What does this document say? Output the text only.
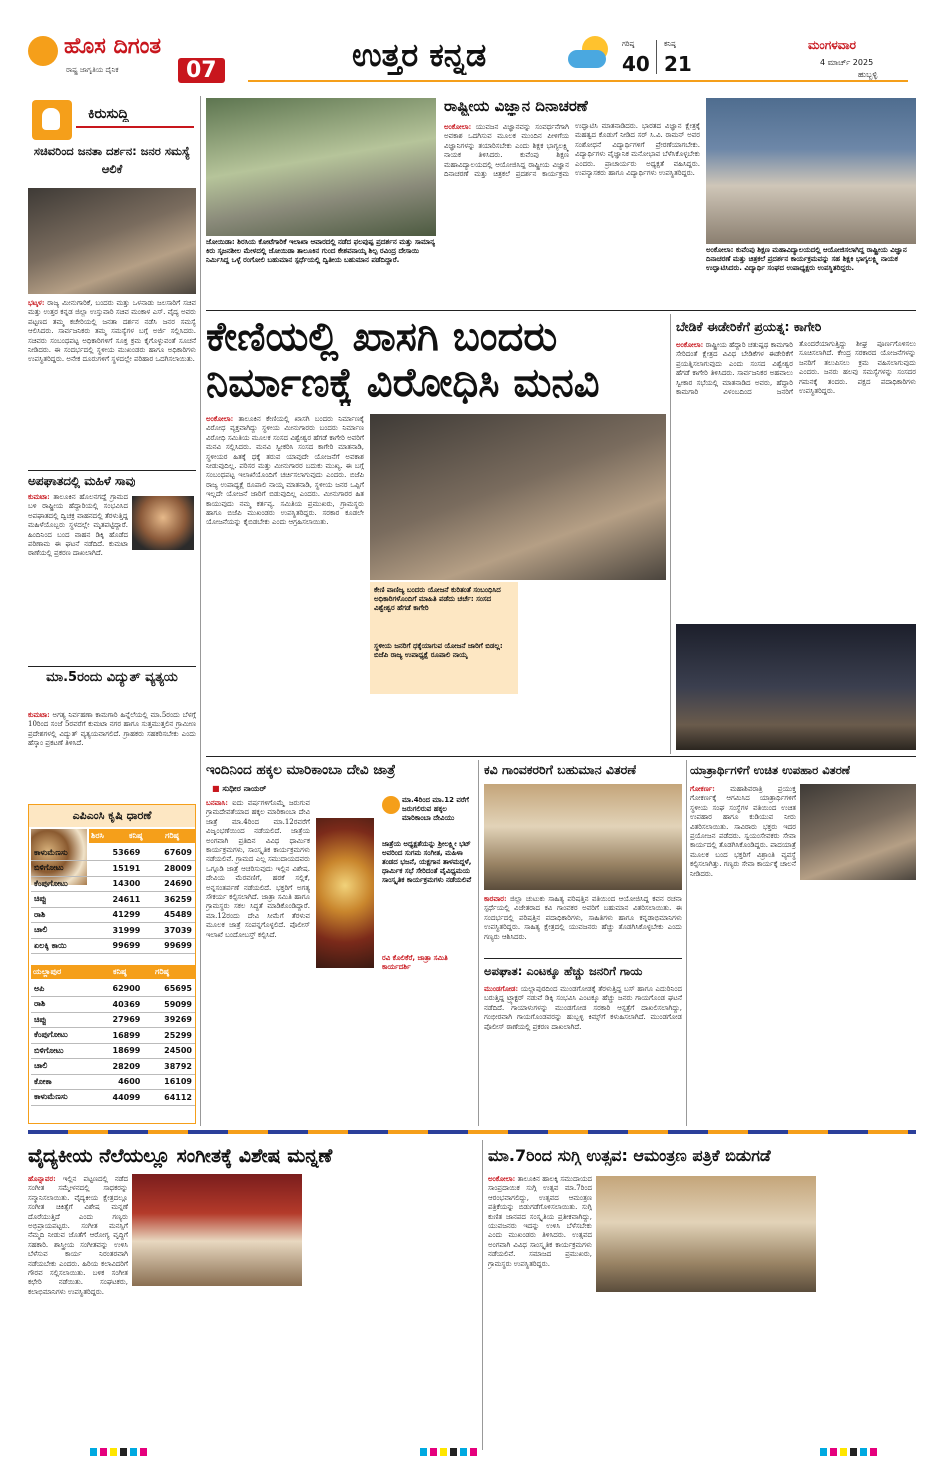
ಹೊಸ ದಿಗಂತ
ರಾಷ್ಟ್ರ ಜಾಗೃತಿಯ ದೈನಿಕ	07	ಉತ್ತರ ಕನ್ನಡ	ಗರಿಷ್ಠ
40
ಕನಿಷ್ಠ
21
ಮಂಗಳವಾರ
4 ಮಾರ್ಚ್ 2025
ಹುಬ್ಬಳ್ಳಿ
ಕಿರುಸುದ್ದಿ
ಸಚಿವರಿಂದ ಜನತಾ ದರ್ಶನ: ಜನರ ಸಮಸ್ಯೆ ಆಲಿಕೆ
ಭಟ್ಕಳ: ರಾಜ್ಯ ಮೀನುಗಾರಿಕೆ, ಬಂದರು ಮತ್ತು ಒಳನಾಡು ಜಲಸಾರಿಗೆ ಸಚಿವ ಮತ್ತು ಉತ್ತರ ಕನ್ನಡ ಜಿಲ್ಲಾ ಉಸ್ತುವಾರಿ ಸಚಿವ ಮಂಕಾಳ ಎಸ್. ವೈದ್ಯ ಅವರು ಪಟ್ಟಣದ ತಮ್ಮ ಕಚೇರಿಯಲ್ಲಿ ಜನತಾ ದರ್ಶನ ನಡೆಸಿ ಜನರ ಸಮಸ್ಯೆ ಆಲಿಸಿದರು. ಸಾರ್ವಜನಿಕರು ತಮ್ಮ ಸಮಸ್ಯೆಗಳ ಬಗ್ಗೆ ಅರ್ಜಿ ಸಲ್ಲಿಸಿದರು. ಸಚಿವರು ಸಂಬಂಧಪಟ್ಟ ಅಧಿಕಾರಿಗಳಿಗೆ ಸೂಕ್ತ ಕ್ರಮ ಕೈಗೊಳ್ಳುವಂತೆ ಸೂಚನೆ ನೀಡಿದರು. ಈ ಸಂದರ್ಭದಲ್ಲಿ ಸ್ಥಳೀಯ ಮುಖಂಡರು ಹಾಗೂ ಅಧಿಕಾರಿಗಳು ಉಪಸ್ಥಿತರಿದ್ದರು. ಅನೇಕ ದೂರುಗಳಿಗೆ ಸ್ಥಳದಲ್ಲೇ ಪರಿಹಾರ ಒದಗಿಸಲಾಯಿತು.
ಅಪಘಾತದಲ್ಲಿ ಮಹಿಳೆ ಸಾವು
ಕುಮಟಾ: ತಾಲೂಕಿನ ಹೊಲನಗದ್ದೆ ಗ್ರಾಮದ ಬಳಿ ರಾಷ್ಟ್ರೀಯ ಹೆದ್ದಾರಿಯಲ್ಲಿ ಸಂಭವಿಸಿದ ಅಪಘಾತದಲ್ಲಿ ದ್ವಿಚಕ್ರ ವಾಹನದಲ್ಲಿ ತೆರಳುತ್ತಿದ್ದ ಮಹಿಳೆಯೊಬ್ಬರು ಸ್ಥಳದಲ್ಲೇ ಮೃತಪಟ್ಟಿದ್ದಾರೆ. ಹಿಂದಿನಿಂದ ಬಂದ ವಾಹನ ಡಿಕ್ಕಿ ಹೊಡೆದ ಪರಿಣಾಮ ಈ ಘಟನೆ ನಡೆದಿದೆ. ಕುಮಟಾ ಠಾಣೆಯಲ್ಲಿ ಪ್ರಕರಣ ದಾಖಲಾಗಿದೆ.
ಮಾ.5ರಂದು ವಿದ್ಯುತ್ ವ್ಯತ್ಯಯ
ಕುಮಟಾ: ಅಗತ್ಯ ನಿರ್ವಹಣಾ ಕಾಮಗಾರಿ ಹಿನ್ನೆಲೆಯಲ್ಲಿ ಮಾ.5ರಂದು ಬೆಳಗ್ಗೆ 10ರಿಂದ ಸಂಜೆ 5ರವರೆಗೆ ಕುಮಟಾ ನಗರ ಹಾಗೂ ಸುತ್ತಮುತ್ತಲಿನ ಗ್ರಾಮೀಣ ಪ್ರದೇಶಗಳಲ್ಲಿ ವಿದ್ಯುತ್ ವ್ಯತ್ಯಯವಾಗಲಿದೆ. ಗ್ರಾಹಕರು ಸಹಕರಿಸಬೇಕು ಎಂದು ಹೆಸ್ಕಾಂ ಪ್ರಕಟಣೆ ತಿಳಿಸಿದೆ.
ಎಪಿಎಂಸಿ ಕೃಷಿ ಧಾರಣೆ
ಶಿರಸಿ	ಕನಿಷ್ಠ	ಗರಿಷ್ಠ
ಕಾಳುಮೆಣಸು	53669	67609
ಬಿಳಿಗೋಟು	15191	28009
ಕೆಂಪುಗೋಟು	14300	24690
ಚಿಪ್ಪು	24611	36259
ರಾಶಿ	41299	45489
ಚಾಲಿ	31999	37039
ಏಲಕ್ಕಿ ಕಾಯಿ	99699	99699
ಯಲ್ಲಾಪುರ	ಕನಿಷ್ಠ	ಗರಿಷ್ಠ
ಅಪಿ	62900	65695
ರಾಶಿ	40369	59099
ಚಿಪ್ಪು	27969	39269
ಕೆಂಪುಗೋಟು	16899	25299
ಬಿಳಿಗೋಟು	18699	24500
ಚಾಲಿ	28209	38792
ಕೋಕಾ	4600	16109
ಕಾಳುಮೆಣಸು	44099	64112
ಜೋಯಿಡಾ: ಶಿರಸಿಯ ಕೋಟೆಗಾರಿಕೆ ಇಲಾಖಾ ಆವಾರದಲ್ಲಿ ನಡೆದ ಫಲಪುಷ್ಪ ಪ್ರದರ್ಶನ ಮತ್ತು ಸಾಮಾನ್ಯ ಕಿರು ಸೃಜನಶೀಲ ಮೇಳದಲ್ಲಿ ಜೋಯಿಡಾ ತಾಲೂಕಿನ ಗುಂದ ಕೇಶವನಾಯ್ಕ ಶಿಲ್ಪ ರವಿಂದ್ರ ದೇಸಾಯಿ ನಿರ್ಮಿಸಿದ್ದ ಒಳ್ಳೆ ರಂಗೋಲಿ ಬಹುಮಾನ ಸ್ಪರ್ಧೆಯಲ್ಲಿ ದ್ವಿತೀಯ ಬಹುಮಾನ ಪಡೆದಿದ್ದಾರೆ.
ರಾಷ್ಟ್ರೀಯ ವಿಜ್ಞಾನ ದಿನಾಚರಣೆ
ಅಂಕೋಲಾ: ಯುವಜನ ವಿಜ್ಞಾನವನ್ನು ಸಂವರ್ಧನೆಗಾಗಿ ಅವಕಾಶ ಒದಗಿಸುವ ಮೂಲಕ ಮುಂದಿನ ಪೀಳಿಗೆಯ ವಿಜ್ಞಾನಿಗಳನ್ನು ತಯಾರಿಸಬೇಕು ಎಂದು ಶಿಕ್ಷಕ ಭಾಗ್ಯಲಕ್ಷ್ಮಿ ನಾಯಕ ತಿಳಿಸಿದರು. ಕುವೆಂಪು ಶಿಕ್ಷಣ ಮಹಾವಿದ್ಯಾಲಯದಲ್ಲಿ ಆಯೋಜಿಸಿದ್ದ ರಾಷ್ಟ್ರೀಯ ವಿಜ್ಞಾನ ದಿನಾಚರಣೆ ಮತ್ತು ಚಿತ್ರಕಲೆ ಪ್ರದರ್ಶನ ಕಾರ್ಯಕ್ರಮ ಉದ್ಘಾಟಿಸಿ ಮಾತನಾಡಿದರು. ಭಾರತದ ವಿಜ್ಞಾನ ಕ್ಷೇತ್ರಕ್ಕೆ ಮಹತ್ವದ ಕೊಡುಗೆ ನೀಡಿದ ಸರ್ ಸಿ.ವಿ. ರಾಮನ್ ಅವರ ಸಂಶೋಧನೆ ವಿದ್ಯಾರ್ಥಿಗಳಿಗೆ ಪ್ರೇರಣೆಯಾಗಬೇಕು. ವಿದ್ಯಾರ್ಥಿಗಳು ವೈಜ್ಞಾನಿಕ ಮನೋಭಾವ ಬೆಳೆಸಿಕೊಳ್ಳಬೇಕು ಎಂದರು. ಪ್ರಾಚಾರ್ಯರು ಅಧ್ಯಕ್ಷತೆ ವಹಿಸಿದ್ದರು. ಉಪನ್ಯಾಸಕರು ಹಾಗೂ ವಿದ್ಯಾರ್ಥಿಗಳು ಉಪಸ್ಥಿತರಿದ್ದರು.
ಅಂಕೋಲಾ: ಕುವೆಂಪು ಶಿಕ್ಷಣ ಮಹಾವಿದ್ಯಾಲಯದಲ್ಲಿ ಆಯೋಜಿಸಲಾಗಿದ್ದ ರಾಷ್ಟ್ರೀಯ ವಿಜ್ಞಾನ ದಿನಾಚರಣೆ ಮತ್ತು ಚಿತ್ರಕಲೆ ಪ್ರದರ್ಶನ ಕಾರ್ಯಕ್ರಮವನ್ನು ಸಹ ಶಿಕ್ಷಕಿ ಭಾಗ್ಯಲಕ್ಷ್ಮಿ ನಾಯಕ ಉದ್ಘಾಟಿಸಿದರು. ವಿದ್ಯಾರ್ಥಿ ಸಂಘದ ಉಪಾಧ್ಯಕ್ಷರು ಉಪಸ್ಥಿತರಿದ್ದರು.
ಕೇಣಿಯಲ್ಲಿ ಖಾಸಗಿ ಬಂದರು ನಿರ್ಮಾಣಕ್ಕೆ ವಿರೋಧಿಸಿ ಮನವಿ
ಅಂಕೋಲಾ: ತಾಲೂಕಿನ ಕೇಣಿಯಲ್ಲಿ ಖಾಸಗಿ ಬಂದರು ನಿರ್ಮಾಣಕ್ಕೆ ವಿರೋಧ ವ್ಯಕ್ತವಾಗಿದ್ದು ಸ್ಥಳೀಯ ಮೀನುಗಾರರು ಬಂದರು ನಿರ್ಮಾಣ ವಿರೋಧಿ ಸಮಿತಿಯ ಮೂಲಕ ಸಂಸದ ವಿಶ್ವೇಶ್ವರ ಹೆಗಡೆ ಕಾಗೇರಿ ಅವರಿಗೆ ಮನವಿ ಸಲ್ಲಿಸಿದರು. ಮನವಿ ಸ್ವೀಕರಿಸಿ ಸಂಸದ ಕಾಗೇರಿ ಮಾತನಾಡಿ, ಸ್ಥಳೀಯರ ಹಿತಕ್ಕೆ ಧಕ್ಕೆ ತರುವ ಯಾವುದೇ ಯೋಜನೆಗೆ ಅವಕಾಶ ನೀಡುವುದಿಲ್ಲ. ಪರಿಸರ ಮತ್ತು ಮೀನುಗಾರರ ಬದುಕು ಮುಖ್ಯ. ಈ ಬಗ್ಗೆ ಸಂಬಂಧಪಟ್ಟ ಇಲಾಖೆಯೊಂದಿಗೆ ಚರ್ಚಿಸಲಾಗುವುದು ಎಂದರು. ಬಿಜೆಪಿ ರಾಜ್ಯ ಉಪಾಧ್ಯಕ್ಷೆ ರೂಪಾಲಿ ನಾಯ್ಕ ಮಾತನಾಡಿ, ಸ್ಥಳೀಯ ಜನರ ಒಪ್ಪಿಗೆ ಇಲ್ಲದೇ ಯೋಜನೆ ಜಾರಿಗೆ ಬಿಡುವುದಿಲ್ಲ ಎಂದರು. ಮೀನುಗಾರರ ಹಿತ ಕಾಯುವುದು ನಮ್ಮ ಕರ್ತವ್ಯ. ಸಮಿತಿಯ ಪ್ರಮುಖರು, ಗ್ರಾಮಸ್ಥರು ಹಾಗೂ ಬಿಜೆಪಿ ಮುಖಂಡರು ಉಪಸ್ಥಿತರಿದ್ದರು. ಸರಕಾರ ಕೂಡಲೇ ಯೋಜನೆಯನ್ನು ಕೈಬಿಡಬೇಕು ಎಂದು ಆಗ್ರಹಿಸಲಾಯಿತು.
ಕೇಣಿ ವಾಣಿಜ್ಯ ಬಂದರು ಯೋಜನೆ ಕುರಿತಂತೆ ಸಂಬಂಧಿಸಿದ ಅಧಿಕಾರಿಗಳೊಂದಿಗೆ ಮಾಹಿತಿ ಪಡೆದು ಚರ್ಚೆ: ಸಂಸದ ವಿಶ್ವೇಶ್ವರ ಹೆಗಡೆ ಕಾಗೇರಿ
ಸ್ಥಳೀಯ ಜನರಿಗೆ ಧಕ್ಕೆಯಾಗುವ ಯೋಜನೆ ಜಾರಿಗೆ ಬಿಡಲ್ಲ: ಬಿಜೆಪಿ ರಾಜ್ಯ ಉಪಾಧ್ಯಕ್ಷೆ ರೂಪಾಲಿ ನಾಯ್ಕ
ಬೇಡಿಕೆ ಈಡೇರಿಕೆಗೆ ಪ್ರಯತ್ನ: ಕಾಗೇರಿ
ಅಂಕೋಲಾ: ರಾಷ್ಟ್ರೀಯ ಹೆದ್ದಾರಿ ಚತುಷ್ಪಥ ಕಾಮಗಾರಿ ಸೇರಿದಂತೆ ಕ್ಷೇತ್ರದ ವಿವಿಧ ಬೇಡಿಕೆಗಳ ಈಡೇರಿಕೆಗೆ ಪ್ರಯತ್ನಿಸಲಾಗುವುದು ಎಂದು ಸಂಸದ ವಿಶ್ವೇಶ್ವರ ಹೆಗಡೆ ಕಾಗೇರಿ ತಿಳಿಸಿದರು. ಸಾರ್ವಜನಿಕರ ಅಹವಾಲು ಸ್ವೀಕಾರ ಸಭೆಯಲ್ಲಿ ಮಾತನಾಡಿದ ಅವರು, ಹೆದ್ದಾರಿ ಕಾಮಗಾರಿ ವಿಳಂಬದಿಂದ ಜನರಿಗೆ ತೊಂದರೆಯಾಗುತ್ತಿದ್ದು ಶೀಘ್ರ ಪೂರ್ಣಗೊಳಿಸಲು ಸೂಚಿಸಲಾಗಿದೆ. ಕೇಂದ್ರ ಸರಕಾರದ ಯೋಜನೆಗಳನ್ನು ಜನರಿಗೆ ತಲುಪಿಸಲು ಕ್ರಮ ವಹಿಸಲಾಗುವುದು ಎಂದರು. ಜನರು ಹಲವು ಸಮಸ್ಯೆಗಳನ್ನು ಸಂಸದರ ಗಮನಕ್ಕೆ ತಂದರು. ಪಕ್ಷದ ಪದಾಧಿಕಾರಿಗಳು ಉಪಸ್ಥಿತರಿದ್ದರು.
ಇಂದಿನಿಂದ ಹಕ್ಕಲ ಮಾರಿಕಾಂಬಾ ದೇವಿ ಜಾತ್ರೆ
■ ಸುಧೀರ ನಾಯರ್
ಬನವಾಸಿ: ಐದು ವರ್ಷಗಳಿಗೊಮ್ಮೆ ಜರುಗುವ ಗ್ರಾಮದೇವತೆಯಾದ ಹಕ್ಕಲ ಮಾರಿಕಾಂಬಾ ದೇವಿ ಜಾತ್ರೆ ಮಾ.4ರಿಂದ ಮಾ.12ರವರೆಗೆ ವಿಜೃಂಭಣೆಯಿಂದ ನಡೆಯಲಿದೆ. ಜಾತ್ರೆಯ ಅಂಗವಾಗಿ ಪ್ರತಿದಿನ ವಿವಿಧ ಧಾರ್ಮಿಕ ಕಾರ್ಯಕ್ರಮಗಳು, ಸಾಂಸ್ಕೃತಿಕ ಕಾರ್ಯಕ್ರಮಗಳು ನಡೆಯಲಿವೆ. ಗ್ರಾಮದ ಎಲ್ಲ ಸಮುದಾಯದವರು ಒಗ್ಗೂಡಿ ಜಾತ್ರೆ ಆಚರಿಸುವುದು ಇಲ್ಲಿನ ವಿಶೇಷ. ದೇವಿಯ ಮೆರವಣಿಗೆ, ಹರಕೆ ಸಲ್ಲಿಕೆ, ಅನ್ನಸಂತರ್ಪಣೆ ನಡೆಯಲಿದೆ. ಭಕ್ತರಿಗೆ ಅಗತ್ಯ ಸೌಕರ್ಯ ಕಲ್ಪಿಸಲಾಗಿದೆ. ಜಾತ್ರಾ ಸಮಿತಿ ಹಾಗೂ ಗ್ರಾಮಸ್ಥರು ಸಕಲ ಸಿದ್ಧತೆ ಮಾಡಿಕೊಂಡಿದ್ದಾರೆ. ಮಾ.12ರಂದು ದೇವಿ ಸೀಮೆಗೆ ತೆರಳುವ ಮೂಲಕ ಜಾತ್ರೆ ಸಂಪನ್ನಗೊಳ್ಳಲಿದೆ. ಪೊಲೀಸ್ ಇಲಾಖೆ ಬಂದೋಬಸ್ತ್ ಕಲ್ಪಿಸಿದೆ.
ಮಾ.4ರಿಂದ ಮಾ.12 ವರೆಗೆ ಜರುಗಲಿರುವ ಹಕ್ಕಲ ಮಾರಿಕಾಂಬಾ ದೇವಿಯು
ಜಾತ್ರೆಯ ಅಧ್ಯಕ್ಷತೆಯನ್ನು ಶ್ರೀಲಕ್ಷ್ಮೀ ಭಟ್ ಅವರಿಂದ ಸುಗಮ ಸಂಗೀತ, ಮಹಿಳಾ ತಂಡದ ಭಜನೆ, ಯಕ್ಷಗಾನ ತಾಳಮದ್ದಳೆ, ಧಾರ್ಮಿಕ ಸಭೆ ಸೇರಿದಂತೆ ವೈವಿಧ್ಯಮಯ ಸಾಂಸ್ಕೃತಿಕ ಕಾರ್ಯಕ್ರಮಗಳು ನಡೆಯಲಿವೆ
ರವಿ ಕೊಲಿಕೆರೆ, ಜಾತ್ರಾ ಸಮಿತಿ ಕಾರ್ಯದರ್ಶಿ
ಕವಿ ಗಾಂವಕರರಿಗೆ ಬಹುಮಾನ ವಿತರಣೆ
ಕಾರವಾರ: ಜಿಲ್ಲಾ ಚುಟುಕು ಸಾಹಿತ್ಯ ಪರಿಷತ್ತಿನ ವತಿಯಿಂದ ಆಯೋಜಿಸಿದ್ದ ಕವನ ರಚನಾ ಸ್ಪರ್ಧೆಯಲ್ಲಿ ವಿಜೇತರಾದ ಕವಿ ಗಾಂವಕರ ಅವರಿಗೆ ಬಹುಮಾನ ವಿತರಿಸಲಾಯಿತು. ಈ ಸಂದರ್ಭದಲ್ಲಿ ಪರಿಷತ್ತಿನ ಪದಾಧಿಕಾರಿಗಳು, ಸಾಹಿತಿಗಳು ಹಾಗೂ ಕನ್ನಡಾಭಿಮಾನಿಗಳು ಉಪಸ್ಥಿತರಿದ್ದರು. ಸಾಹಿತ್ಯ ಕ್ಷೇತ್ರದಲ್ಲಿ ಯುವಜನರು ಹೆಚ್ಚು ತೊಡಗಿಸಿಕೊಳ್ಳಬೇಕು ಎಂದು ಗಣ್ಯರು ಆಶಿಸಿದರು.
ಅಪಘಾತ: ಎಂಟಕ್ಕೂ ಹೆಚ್ಚು ಜನರಿಗೆ ಗಾಯ
ಮುಂಡಗೋಡ: ಯಲ್ಲಾಪುರದಿಂದ ಮುಂಡಗೋಡಕ್ಕೆ ತೆರಳುತ್ತಿದ್ದ ಬಸ್ ಹಾಗೂ ಎದುರಿನಿಂದ ಬರುತ್ತಿದ್ದ ಟ್ರ್ಯಾಕ್ಟರ್ ನಡುವೆ ಡಿಕ್ಕಿ ಸಂಭವಿಸಿ ಎಂಟಕ್ಕೂ ಹೆಚ್ಚು ಜನರು ಗಾಯಗೊಂಡ ಘಟನೆ ನಡೆದಿದೆ. ಗಾಯಾಳುಗಳನ್ನು ಮುಂಡಗೋಡ ಸರಕಾರಿ ಆಸ್ಪತ್ರೆಗೆ ದಾಖಲಿಸಲಾಗಿದ್ದು, ಗಂಭೀರವಾಗಿ ಗಾಯಗೊಂಡವರನ್ನು ಹುಬ್ಬಳ್ಳಿ ಕಿಮ್ಸ್‌ಗೆ ಕಳುಹಿಸಲಾಗಿದೆ. ಮುಂಡಗೋಡ ಪೊಲೀಸ್ ಠಾಣೆಯಲ್ಲಿ ಪ್ರಕರಣ ದಾಖಲಾಗಿದೆ.
ಯಾತ್ರಾರ್ಥಿಗಳಿಗೆ ಉಚಿತ ಉಪಹಾರ ವಿತರಣೆ
ಗೋಕರ್ಣ: ಮಹಾಶಿವರಾತ್ರಿ ಪ್ರಯುಕ್ತ ಗೋಕರ್ಣಕ್ಕೆ ಆಗಮಿಸಿದ ಯಾತ್ರಾರ್ಥಿಗಳಿಗೆ ಸ್ಥಳೀಯ ಸಂಘ ಸಂಸ್ಥೆಗಳ ವತಿಯಿಂದ ಉಚಿತ ಉಪಹಾರ ಹಾಗೂ ಕುಡಿಯುವ ನೀರು ವಿತರಿಸಲಾಯಿತು. ಸಾವಿರಾರು ಭಕ್ತರು ಇದರ ಪ್ರಯೋಜನ ಪಡೆದರು. ಸ್ವಯಂಸೇವಕರು ಸೇವಾ ಕಾರ್ಯದಲ್ಲಿ ತೊಡಗಿಸಿಕೊಂಡಿದ್ದರು. ಪಾದಯಾತ್ರೆ ಮೂಲಕ ಬಂದ ಭಕ್ತರಿಗೆ ವಿಶ್ರಾಂತಿ ವ್ಯವಸ್ಥೆ ಕಲ್ಪಿಸಲಾಗಿತ್ತು. ಗಣ್ಯರು ಸೇವಾ ಕಾರ್ಯಕ್ಕೆ ಚಾಲನೆ ನೀಡಿದರು.
ವೈದ್ಯಕೀಯ ನೆಲೆಯಲ್ಲೂ ಸಂಗೀತಕ್ಕೆ ವಿಶೇಷ ಮನ್ನಣೆ
ಹೊನ್ನಾವರ: ಇಲ್ಲಿನ ಪಟ್ಟಣದಲ್ಲಿ ನಡೆದ ಸಂಗೀತ ಸಮ್ಮೇಳನದಲ್ಲಿ ಸಾಧಕರನ್ನು ಸನ್ಮಾನಿಸಲಾಯಿತು. ವೈದ್ಯಕೀಯ ಕ್ಷೇತ್ರದಲ್ಲೂ ಸಂಗೀತ ಚಿಕಿತ್ಸೆಗೆ ವಿಶೇಷ ಮನ್ನಣೆ ದೊರೆಯುತ್ತಿದೆ ಎಂದು ಗಣ್ಯರು ಅಭಿಪ್ರಾಯಪಟ್ಟರು. ಸಂಗೀತ ಮನಸ್ಸಿಗೆ ನೆಮ್ಮದಿ ನೀಡುವ ಜೊತೆಗೆ ಆರೋಗ್ಯ ವೃದ್ಧಿಗೆ ಸಹಕಾರಿ. ಶಾಸ್ತ್ರೀಯ ಸಂಗೀತವನ್ನು ಉಳಿಸಿ ಬೆಳೆಸುವ ಕಾರ್ಯ ನಿರಂತರವಾಗಿ ನಡೆಯಬೇಕು ಎಂದರು. ಹಿರಿಯ ಕಲಾವಿದರಿಗೆ ಗೌರವ ಸಲ್ಲಿಸಲಾಯಿತು. ಬಳಿಕ ಸಂಗೀತ ಕಛೇರಿ ನಡೆಯಿತು. ಸಂಘಟಕರು, ಕಲಾಭಿಮಾನಿಗಳು ಉಪಸ್ಥಿತರಿದ್ದರು.
ಮಾ.7ರಿಂದ ಸುಗ್ಗಿ ಉತ್ಸವ: ಆಮಂತ್ರಣ ಪತ್ರಿಕೆ ಬಿಡುಗಡೆ
ಅಂಕೋಲಾ: ತಾಲೂಕಿನ ಹಾಲಕ್ಕಿ ಸಮುದಾಯದ ಸಾಂಪ್ರದಾಯಿಕ ಸುಗ್ಗಿ ಉತ್ಸವ ಮಾ.7ರಿಂದ ಆರಂಭವಾಗಲಿದ್ದು, ಉತ್ಸವದ ಆಮಂತ್ರಣ ಪತ್ರಿಕೆಯನ್ನು ಬಿಡುಗಡೆಗೊಳಿಸಲಾಯಿತು. ಸುಗ್ಗಿ ಕುಣಿತ ಜಾನಪದ ಸಂಸ್ಕೃತಿಯ ಪ್ರತೀಕವಾಗಿದ್ದು, ಯುವಜನರು ಇದನ್ನು ಉಳಿಸಿ ಬೆಳೆಸಬೇಕು ಎಂದು ಮುಖಂಡರು ತಿಳಿಸಿದರು. ಉತ್ಸವದ ಅಂಗವಾಗಿ ವಿವಿಧ ಸಾಂಸ್ಕೃತಿಕ ಕಾರ್ಯಕ್ರಮಗಳು ನಡೆಯಲಿವೆ. ಸಮಾಜದ ಪ್ರಮುಖರು, ಗ್ರಾಮಸ್ಥರು ಉಪಸ್ಥಿತರಿದ್ದರು.
